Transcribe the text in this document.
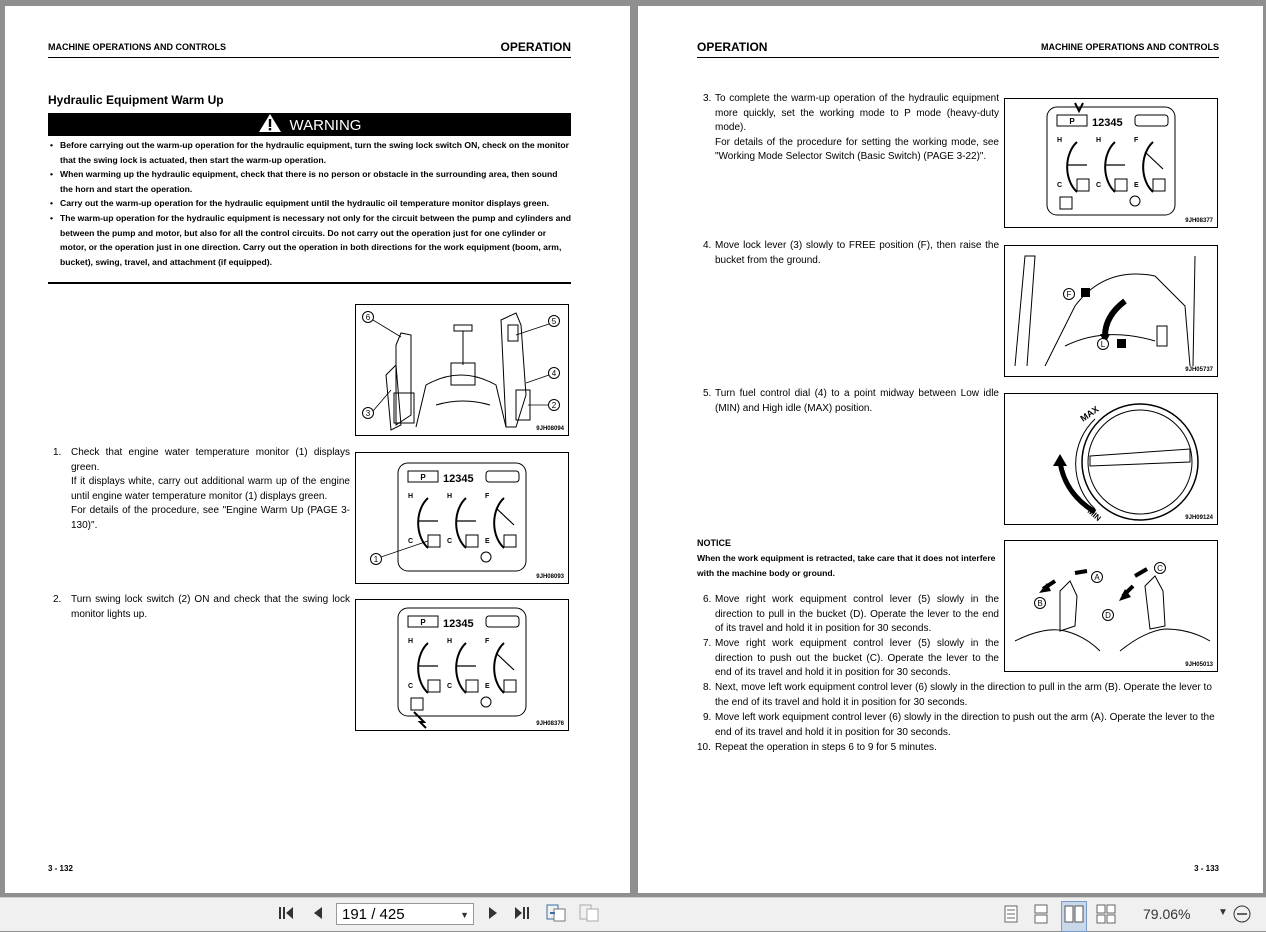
MACHINE OPERATIONS AND CONTROLS	OPERATION
Hydraulic Equipment Warm Up
WARNING
• Before carrying out the warm-up operation for the hydraulic equipment, turn the swing lock switch ON, check on the monitor that the swing lock is actuated, then start the warm-up operation.
• When warming up the hydraulic equipment, check that there is no person or obstacle in the surrounding area, then sound the horn and start the operation.
• Carry out the warm-up operation for the hydraulic equipment until the hydraulic oil temperature monitor displays green.
• The warm-up operation for the hydraulic equipment is necessary not only for the circuit between the pump and cylinders and between the pump and motor, but also for all the control circuits. Do not carry out the operation just for one cylinder or motor, or the operation just in one direction. Carry out the operation in both directions for the work equipment (boom, arm, bucket), swing, travel, and attachment (if equipped).
6	5
4
3
2
9JH08094
1. Check that engine water temperature monitor (1) displays green.
If it displays white, carry out additional warm up of the engine until engine water temperature monitor (1) displays green.
For details of the procedure, see "Engine Warm Up (PAGE 3-130)".
P 12345
H	H	F
C	C	E
1
9JH08093
2. Turn swing lock switch (2) ON and check that the swing lock monitor lights up.
P 12345
H	H	F
C	C	E
9JH08376
3 - 132
OPERATION	MACHINE OPERATIONS AND CONTROLS
3. To complete the warm-up operation of the hydraulic equipment more quickly, set the working mode to P mode (heavy-duty mode).
For details of the procedure for setting the working mode, see "Working Mode Selector Switch (Basic Switch) (PAGE 3-22)".
P 12345
H	H	F
C	C	E
9JH08377
4. Move lock lever (3) slowly to FREE position (F), then raise the bucket from the ground.
F
L
9JH05737
5. Turn fuel control dial (4) to a point midway between Low idle (MIN) and High idle (MAX) position.	MAX
MIN	9JH09124
NOTICE
When the work equipment is retracted, take care that it does not interfere with the machine body or ground.	A
B
C
D
9JH05013
6. Move right work equipment control lever (5) slowly in the direction to pull in the bucket (D). Operate the lever to the end of its travel and hold it in position for 30 seconds.
7. Move right work equipment control lever (5) slowly in the direction to push out the bucket (C). Operate the lever to the end of its travel and hold it in position for 30 seconds.
8. Next, move left work equipment control lever (6) slowly in the direction to pull in the arm (B). Operate the lever to the end of its travel and hold it in position for 30 seconds.
9. Move left work equipment control lever (6) slowly in the direction to push out the arm (A). Operate the lever to the end of its travel and hold it in position for 30 seconds.
10. Repeat the operation in steps 6 to 9 for 5 minutes.
3 - 133
191 / 425	▼	79.06%	▼
